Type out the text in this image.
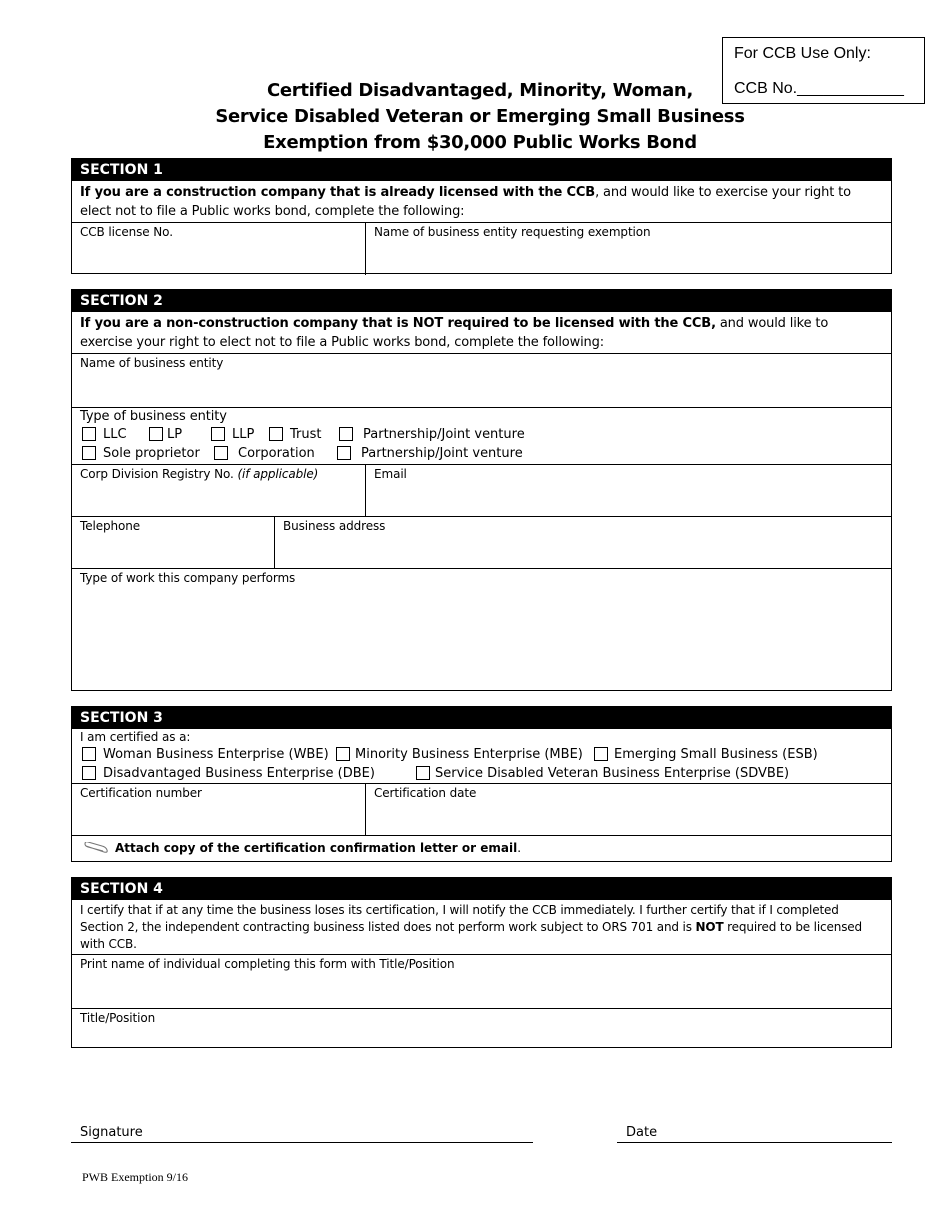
For CCB Use Only:
CCB No.____________
Certified Disadvantaged, Minority, Woman,
Service Disabled Veteran or Emerging Small Business
Exemption from $30,000 Public Works Bond
SECTION 1
If you are a construction company that is already licensed with the CCB, and would like to exercise your right to elect not to file a Public works bond, complete the following:
CCB license No.	Name of business entity requesting exemption
SECTION 2
If you are a non-construction company that is NOT required to be licensed with the CCB, and would like to exercise your right to elect not to file a Public works bond, complete the following:
Name of business entity
Type of business entity
LLC	LP	LLP	Trust	Partnership/Joint venture
Sole proprietor	Corporation	Partnership/Joint venture
Corp Division Registry No. (if applicable)	Email
Telephone	Business address
Type of work this company performs
SECTION 3
I am certified as a:
Woman Business Enterprise (WBE)	Minority Business Enterprise (MBE)	Emerging Small Business (ESB)
Disadvantaged Business Enterprise (DBE)	Service Disabled Veteran Business Enterprise (SDVBE)
Certification number	Certification date
Attach copy of the certification confirmation letter or email.
SECTION 4
I certify that if at any time the business loses its certification, I will notify the CCB immediately. I further certify that if I completed Section 2, the independent contracting business listed does not perform work subject to ORS 701 and is NOT required to be licensed with CCB.
Print name of individual completing this form with Title/Position
Title/Position
Signature	Date
PWB Exemption 9/16
